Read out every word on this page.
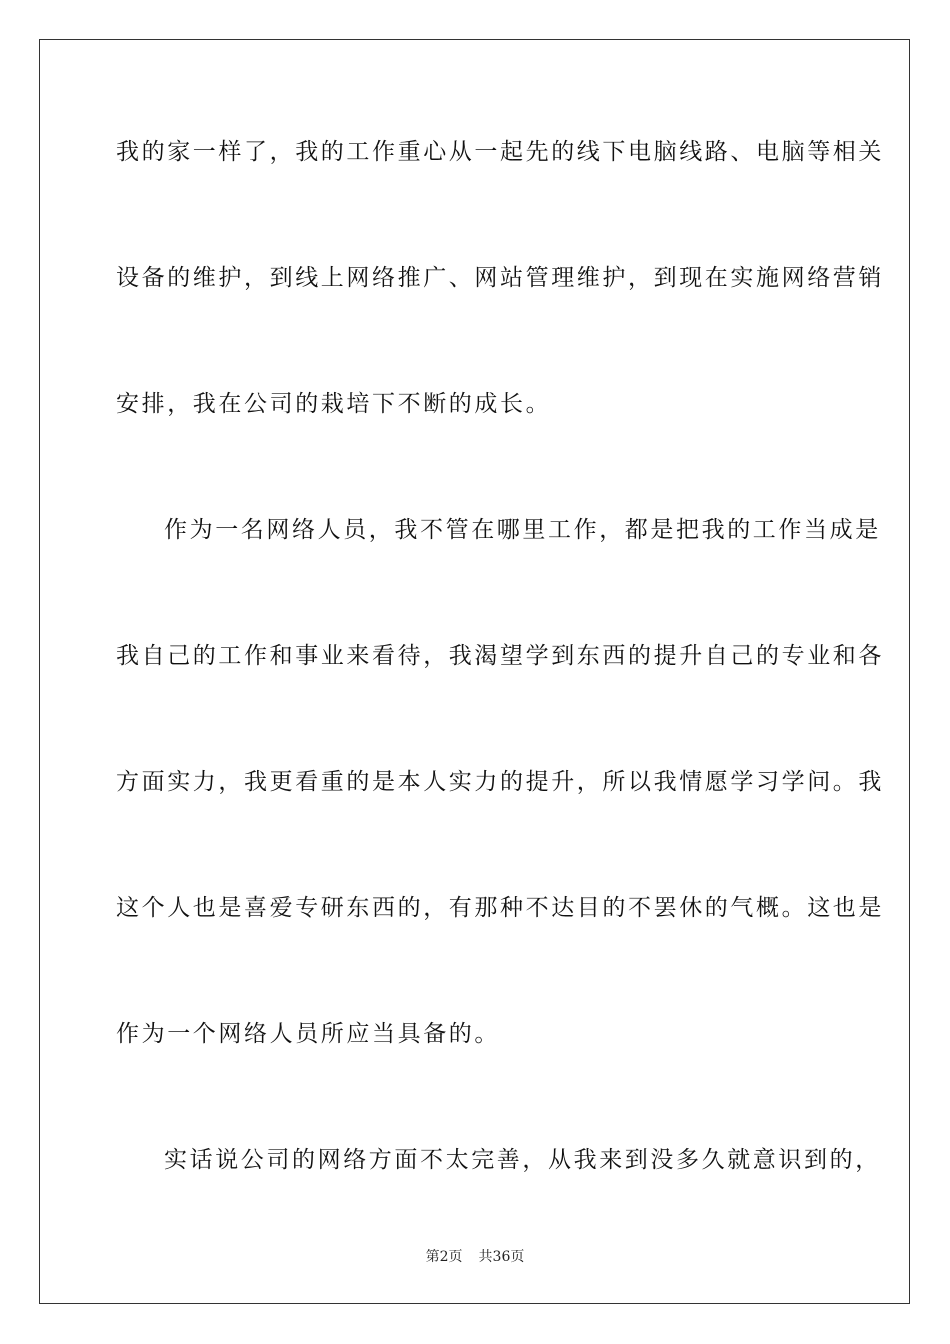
我的家一样了，我的工作重心从一起先的线下电脑线路、电脑等相关
设备的维护，到线上网络推广、网站管理维护，到现在实施网络营销
安排，我在公司的栽培下不断的成长。
作为一名网络人员，我不管在哪里工作，都是把我的工作当成是
我自己的工作和事业来看待，我渴望学到东西的提升自己的专业和各
方面实力，我更看重的是本人实力的提升，所以我情愿学习学问。我
这个人也是喜爱专研东西的，有那种不达目的不罢休的气概。这也是
作为一个网络人员所应当具备的。
实话说公司的网络方面不太完善，从我来到没多久就意识到的，
第2页 共36页
